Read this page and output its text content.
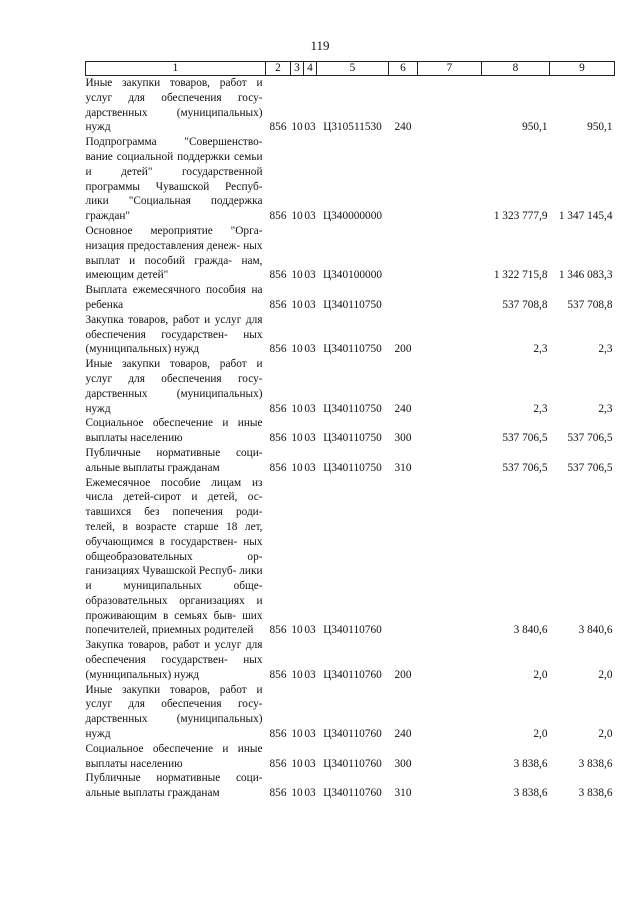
119
1	2	3	4	5	6	7	8	9
Иные закупки товаров, работ и услуг для обеспечения госу- дарственных (муниципальных) нужд	856	10	03	Ц310511530	240		950,1	950,1
Подпрограмма "Совершенство- вание социальной поддержки семьи и детей" государственной программы Чувашской Респуб- лики "Социальная поддержка граждан"	856	10	03	Ц340000000			1 323 777,9	1 347 145,4
Основное мероприятие "Орга- низация предоставления денеж- ных выплат и пособий гражда- нам, имеющим детей"	856	10	03	Ц340100000			1 322 715,8	1 346 083,3
Выплата ежемесячного пособия на ребенка	856	10	03	Ц340110750			537 708,8	537 708,8
Закупка товаров, работ и услуг для обеспечения государствен- ных (муниципальных) нужд	856	10	03	Ц340110750	200		2,3	2,3
Иные закупки товаров, работ и услуг для обеспечения госу- дарственных (муниципальных) нужд	856	10	03	Ц340110750	240		2,3	2,3
Социальное обеспечение и иные выплаты населению	856	10	03	Ц340110750	300		537 706,5	537 706,5
Публичные нормативные соци- альные выплаты гражданам	856	10	03	Ц340110750	310		537 706,5	537 706,5
Ежемесячное пособие лицам из числа детей-сирот и детей, ос- тавшихся без попечения роди- телей, в возрасте старше 18 лет, обучающимся в государствен- ных общеобразовательных ор- ганизациях Чувашской Респуб- лики и муниципальных обще- образовательных организациях и проживающим в семьях быв- ших попечителей, приемных родителей	856	10	03	Ц340110760			3 840,6	3 840,6
Закупка товаров, работ и услуг для обеспечения государствен- ных (муниципальных) нужд	856	10	03	Ц340110760	200		2,0	2,0
Иные закупки товаров, работ и услуг для обеспечения госу- дарственных (муниципальных) нужд	856	10	03	Ц340110760	240		2,0	2,0
Социальное обеспечение и иные выплаты населению	856	10	03	Ц340110760	300		3 838,6	3 838,6
Публичные нормативные соци- альные выплаты гражданам	856	10	03	Ц340110760	310		3 838,6	3 838,6
